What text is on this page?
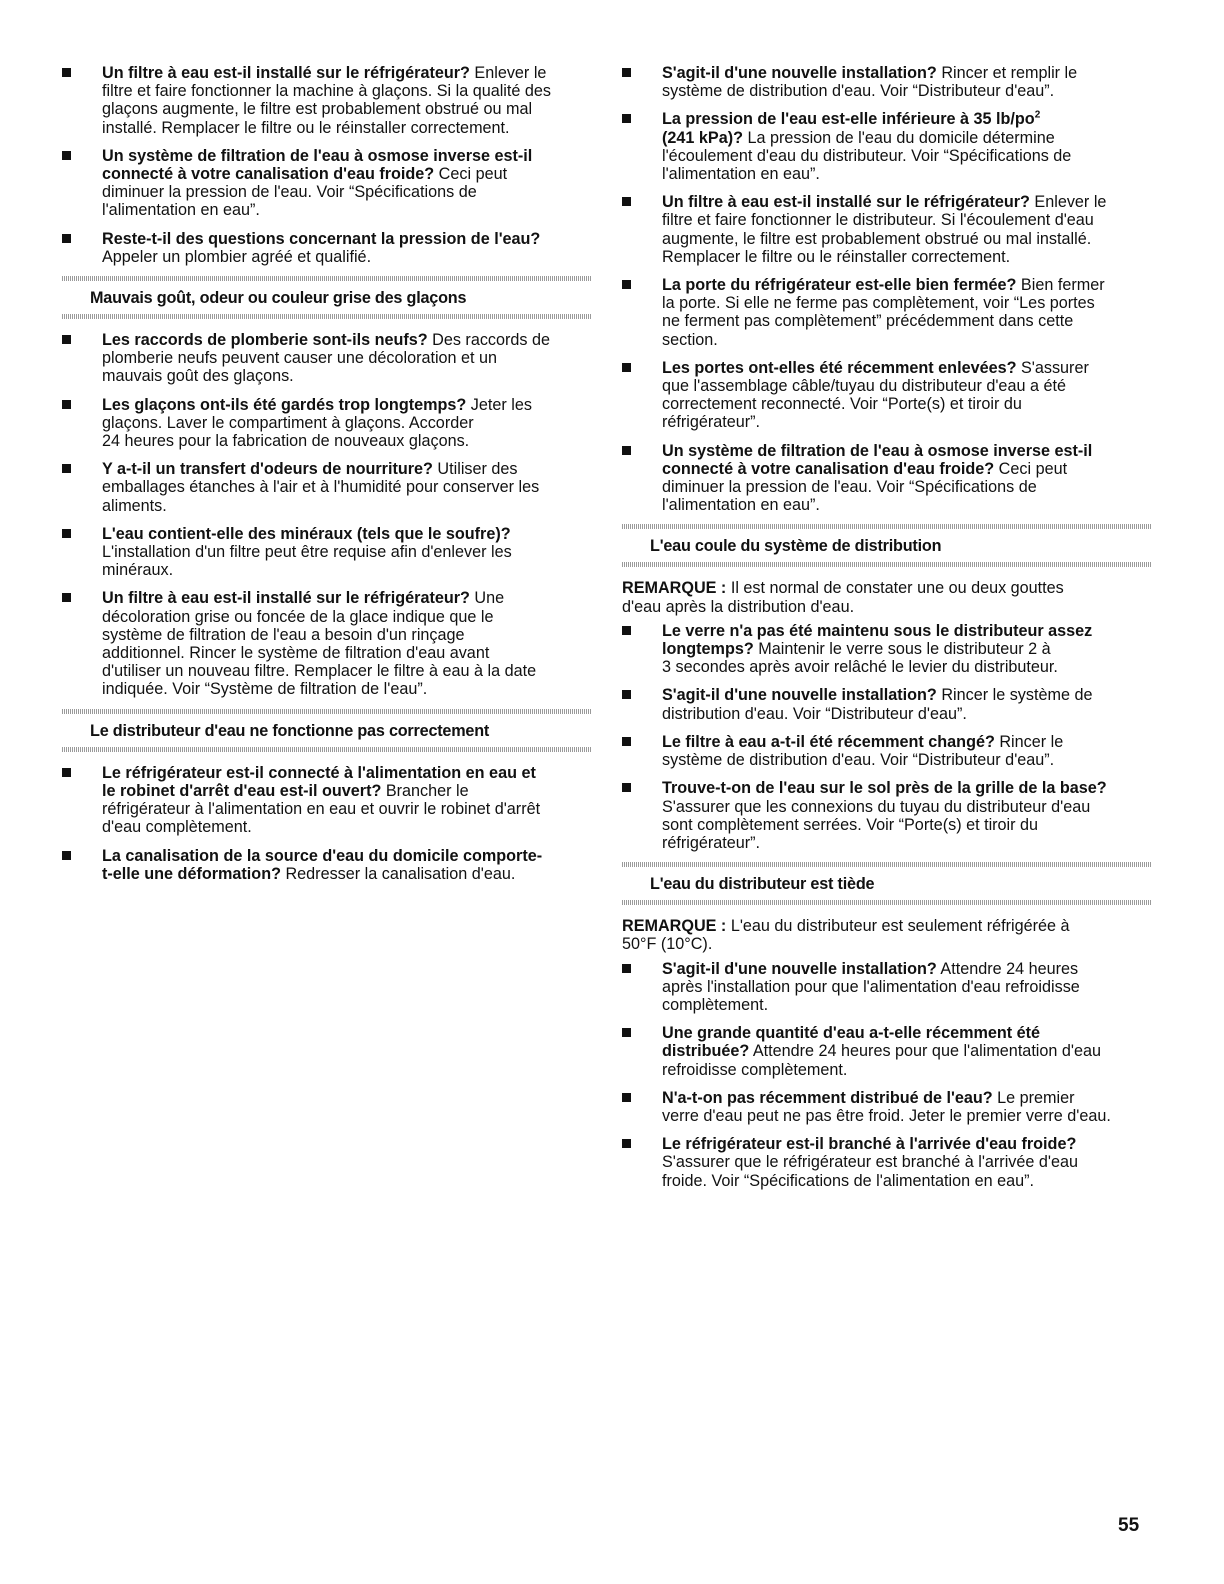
Un filtre à eau est-il installé sur le réfrigérateur? Enlever le
filtre et faire fonctionner la machine à glaçons. Si la qualité des
glaçons augmente, le filtre est probablement obstrué ou mal
installé. Remplacer le filtre ou le réinstaller correctement.
Un système de filtration de l'eau à osmose inverse est-il
connecté à votre canalisation d'eau froide? Ceci peut
diminuer la pression de l'eau. Voir “Spécifications de
l'alimentation en eau”.
Reste-t-il des questions concernant la pression de l'eau?
Appeler un plombier agréé et qualifié.
Mauvais goût, odeur ou couleur grise des glaçons
Les raccords de plomberie sont-ils neufs? Des raccords de
plomberie neufs peuvent causer une décoloration et un
mauvais goût des glaçons.
Les glaçons ont-ils été gardés trop longtemps? Jeter les
glaçons. Laver le compartiment à glaçons. Accorder
24 heures pour la fabrication de nouveaux glaçons.
Y a-t-il un transfert d'odeurs de nourriture? Utiliser des
emballages étanches à l'air et à l'humidité pour conserver les
aliments.
L'eau contient-elle des minéraux (tels que le soufre)?
L'installation d'un filtre peut être requise afin d'enlever les
minéraux.
Un filtre à eau est-il installé sur le réfrigérateur? Une
décoloration grise ou foncée de la glace indique que le
système de filtration de l'eau a besoin d'un rinçage
additionnel. Rincer le système de filtration d'eau avant
d'utiliser un nouveau filtre. Remplacer le filtre à eau à la date
indiquée. Voir “Système de filtration de l'eau”.
Le distributeur d'eau ne fonctionne pas correctement
Le réfrigérateur est-il connecté à l'alimentation en eau et
le robinet d'arrêt d'eau est-il ouvert? Brancher le
réfrigérateur à l'alimentation en eau et ouvrir le robinet d'arrêt
d'eau complètement.
La canalisation de la source d'eau du domicile comporte-
t-elle une déformation? Redresser la canalisation d'eau.
S'agit-il d'une nouvelle installation? Rincer et remplir le
système de distribution d'eau. Voir “Distributeur d'eau”.
La pression de l'eau est-elle inférieure à 35 $lb/po^2$
(241 kPa)? La pression de l'eau du domicile détermine
l'écoulement d'eau du distributeur. Voir “Spécifications de
l'alimentation en eau”.
Un filtre à eau est-il installé sur le réfrigérateur? Enlever le
filtre et faire fonctionner le distributeur. Si l'écoulement d'eau
augmente, le filtre est probablement obstrué ou mal installé.
Remplacer le filtre ou le réinstaller correctement.
La porte du réfrigérateur est-elle bien fermée? Bien fermer
la porte. Si elle ne ferme pas complètement, voir “Les portes
ne ferment pas complètement” précédemment dans cette
section.
Les portes ont-elles été récemment enlevées? S'assurer
que l'assemblage câble/tuyau du distributeur d'eau a été
correctement reconnecté. Voir “Porte(s) et tiroir du
réfrigérateur”.
Un système de filtration de l'eau à osmose inverse est-il
connecté à votre canalisation d'eau froide? Ceci peut
diminuer la pression de l'eau. Voir “Spécifications de
l'alimentation en eau”.
L'eau coule du système de distribution
REMARQUE : Il est normal de constater une ou deux gouttes
d'eau après la distribution d'eau.
Le verre n'a pas été maintenu sous le distributeur assez
longtemps? Maintenir le verre sous le distributeur 2 à
3 secondes après avoir relâché le levier du distributeur.
S'agit-il d'une nouvelle installation? Rincer le système de
distribution d'eau. Voir “Distributeur d'eau”.
Le filtre à eau a-t-il été récemment changé? Rincer le
système de distribution d'eau. Voir “Distributeur d'eau”.
Trouve-t-on de l'eau sur le sol près de la grille de la base?
S'assurer que les connexions du tuyau du distributeur d'eau
sont complètement serrées. Voir “Porte(s) et tiroir du
réfrigérateur”.
L'eau du distributeur est tiède
REMARQUE : L'eau du distributeur est seulement réfrigérée à
50°F (10°C).
S'agit-il d'une nouvelle installation? Attendre 24 heures
après l'installation pour que l'alimentation d'eau refroidisse
complètement.
Une grande quantité d'eau a-t-elle récemment été
distribuée? Attendre 24 heures pour que l'alimentation d'eau
refroidisse complètement.
N'a-t-on pas récemment distribué de l'eau? Le premier
verre d'eau peut ne pas être froid. Jeter le premier verre d'eau.
Le réfrigérateur est-il branché à l'arrivée d'eau froide?
S'assurer que le réfrigérateur est branché à l'arrivée d'eau
froide. Voir “Spécifications de l'alimentation en eau”.
55
